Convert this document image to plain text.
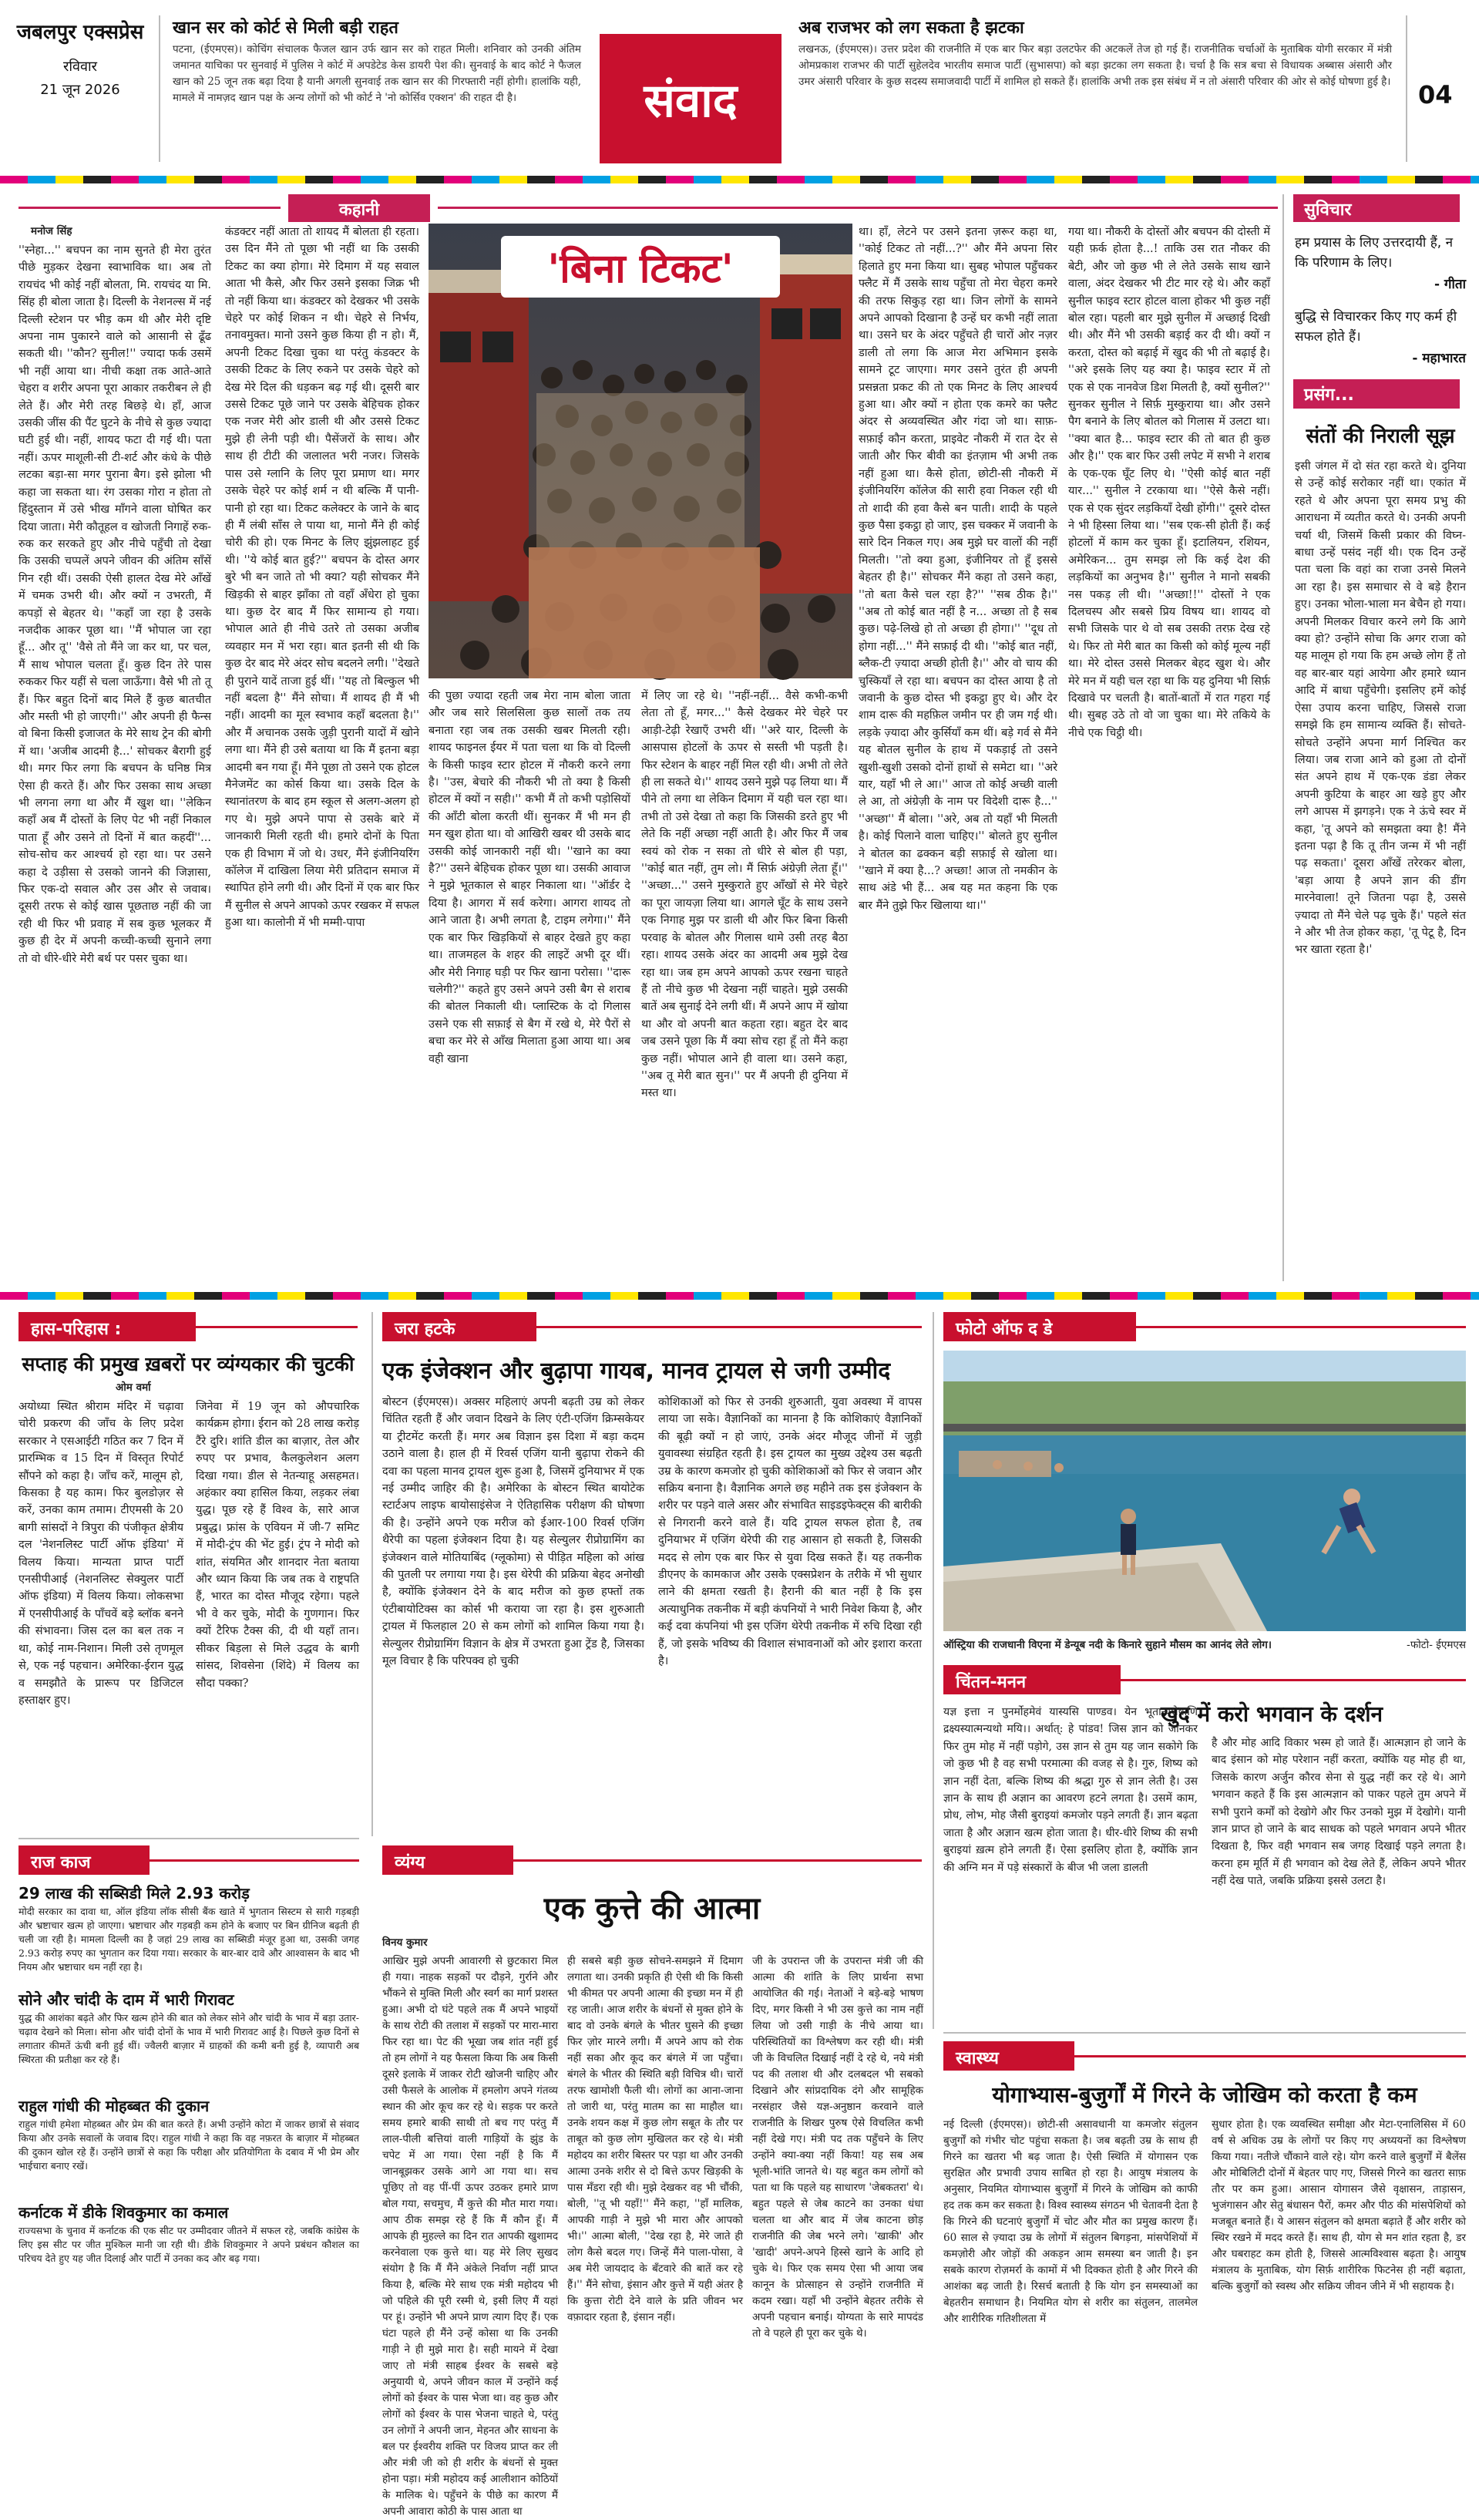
जबलपुर एक्सप्रेस
रविवार
21 जून 2026
खान सर को कोर्ट से मिली बड़ी राहत

पटना, (ईएमएस)। कोचिंग संचालक फैजल खान उर्फ खान सर को राहत मिली। शनिवार को उनकी अंतिम जमानत याचिका पर सुनवाई में पुलिस ने कोर्ट में अपडेटेड केस डायरी पेश की। सुनवाई के बाद कोर्ट ने फैजल खान को 25 जून तक बढ़ा दिया है यानी अगली सुनवाई तक खान सर की गिरफ्तारी नहीं होगी। हालांकि यही, मामले में नामज़द खान पक्ष के अन्य लोगों को भी कोर्ट ने 'नो कोर्सिव एक्शन' की राहत दी है।	संवाद
अब राजभर को लग सकता है झटका

लखनऊ, (ईएमएस)। उत्तर प्रदेश की राजनीति में एक बार फिर बड़ा उलटफेर की अटकलें तेज हो गई हैं। राजनीतिक चर्चाओं के मुताबिक योगी सरकार में मंत्री ओमप्रकाश राजभर की पार्टी सुहेलदेव भारतीय समाज पार्टी (सुभासपा) को बड़ा झटका लग सकता है। चर्चा है कि सत्र बचा से विधायक अब्बास अंसारी और उमर अंसारी परिवार के कुछ सदस्य समाजवादी पार्टी में शामिल हो सकते हैं। हालांकि अभी तक इस संबंध में न तो अंसारी परिवार की ओर से कोई घोषणा हुई है। 04
कहानी
मनोज सिंह
''स्नेहा...'' बचपन का नाम सुनते ही मेरा तुरंत पीछे मुड़कर देखना स्वाभाविक था। अब तो रायचंद भी कोई नहीं बोलता, मि. रायचंद या मि. सिंह ही बोला जाता है। दिल्ली के नेशनल्स में नई दिल्ली स्टेशन पर भीड़ कम थी और मेरी दृष्टि अपना नाम पुकारने वाले को आसानी से ढूँढ सकती थी। ''कौन? सुनील!'' ज्यादा फर्क उसमें भी नहीं आया था। नीची कक्षा तक आते-आते चेहरा व शरीर अपना पूरा आकार तकरीबन ले ही लेते हैं। और मेरी तरह बिछड़े थे। हाँ, आज उसकी जींस की पैंट घुटने के नीचे से कुछ ज्यादा घटी हुई थी। नहीं, शायद फटा दी गई थी। पता नहीं। ऊपर माशूली-सी टी-शर्ट और कंधे के पीछे लटका बड़ा-सा मगर पुराना बैग। इसे झोला भी कहा जा सकता था। रंग उसका गोरा न होता तो हिंदुस्तान में उसे भीख माँगने वाला घोषित कर दिया जाता। मेरी कौतूहल व खोजती निगाहें रुक-रुक कर सरकते हुए और नीचे पहुँची तो देखा कि उसकी चप्पलें अपने जीवन की अंतिम साँसें गिन रही थीं। उसकी ऐसी हालत देख मेरे आँखें में चमक उभरी थी। और क्यों न उभरती, मैं कपड़ों से बेहतर थे। ''कहाँ जा रहा है उसके नजदीक आकर पूछा था। ''मैं भोपाल जा रहा हूँ... और तू'' 'वैसे तो मैंने जा कर था, पर चल, मैं साथ भोपाल चलता हूँ। कुछ दिन तेरे पास रुककर फिर यहीं से चला जाऊँगा। वैसे भी तो तू हैं। फिर बहुत दिनों बाद मिले हैं कुछ बातचीत और मस्ती भी हो जाएगी।'' और अपनी ही फैन्स वो बिना किसी इजाजत के मेरे साथ ट्रेन की बोगी में था। 'अजीब आदमी है...' सोचकर बैरागी हुई थी। मगर फिर लगा कि बचपन के घनिष्ठ मित्र ऐसा ही करते हैं। और फिर उसका साथ अच्छा भी लगना लगा था और मैं खुश था। ''लेकिन कहाँ अब मैं दोस्तों के लिए पेट भी नहीं निकाल पाता हूँ और उसने तो दिनों में बात कहदीं''... सोच-सोच कर आश्चर्य हो रहा था। पर उसने कहा दे उड़ीसा से उसको जानने की जिज्ञासा, फिर एक-दो सवाल और उस और से जवाब। दूसरी तरफ से कोई खास पूछताछ नहीं की जा रही थी फिर भी प्रवाह में सब कुछ भूलकर मैं कुछ ही देर में अपनी कच्ची-कच्ची सुनाने लगा तो वो धीरे-धीरे मेरी बर्थ पर पसर चुका था।
कंडक्टर नहीं आता तो शायद मैं बोलता ही रहता। उस दिन मैंने तो पूछा भी नहीं था कि उसकी टिकट का क्या होगा। मेरे दिमाग में यह सवाल आता भी कैसे, और फिर उसने इसका जिक्र भी तो नहीं किया था। कंडक्टर को देखकर भी उसके चेहरे पर कोई शिकन न थी। चेहरे से निर्भय, तनावमुक्त। मानो उसने कुछ किया ही न हो। मैं, अपनी टिकट दिखा चुका था परंतु कंडक्टर के उसकी टिकट के लिए रुकने पर उसके चेहरे को देख मेरे दिल की धड़कन बढ़ गई थी। दूसरी बार उससे टिकट पूछे जाने पर उसके बेहिचक होकर एक नजर मेरी ओर डाली थी और उससे टिकट मुझे ही लेनी पड़ी थी। पैसेंजरों के साथ। और साथ ही टीटी की जलालत भरी नजर। जिसके पास उसे ग्लानि के लिए पूरा प्रमाण था। मगर उसके चेहरे पर कोई शर्म न थी बल्कि मैं पानी-पानी हो रहा था। टिकट कलेक्टर के जाने के बाद ही मैं लंबी साँस ले पाया था, मानो मैंने ही कोई चोरी की हो। एक मिनट के लिए झुंझलाहट हुई थी। ''ये कोई बात हुई?'' बचपन के दोस्त अगर बुरे भी बन जाते तो भी क्या? यही सोचकर मैंने खिड़की से बाहर झाँका तो वहाँ अँधेरा हो चुका था। कुछ देर बाद मैं फिर सामान्य हो गया। भोपाल आते ही नीचे उतरे तो उसका अजीब व्यवहार मन में भरा रहा। बात इतनी सी थी कि कुछ देर बाद मेरे अंदर सोच बदलने लगी। ''देखते ही पुराने यादें ताजा हुई थीं। ''यह तो बिल्कुल भी नहीं बदला है'' मैंने सोचा। मैं शायद ही मैं भी नहीं। आदमी का मूल स्वभाव कहाँ बदलता है।'' और मैं अचानक उसके जुड़ी पुरानी यादों में खोने लगा था। मैंने ही उसे बताया था कि मैं इतना बड़ा आदमी बन गया हूँ। मैंने पूछा तो उसने एक होटल मैनेजमेंट का कोर्स किया था। उसके दिल के स्थानांतरण के बाद हम स्कूल से अलग-अलग हो गए थे। मुझे अपने पापा से उसके बारे में जानकारी मिली रहती थी। हमारे दोनों के पिता एक ही विभाग में जो थे। उधर, मैंने इंजीनियरिंग कॉलेज में दाखिला लिया मेरी प्रतिदान समाज में स्थापित होने लगी थी। और दिनों में एक बार फिर मैं सुनील से अपने आपको ऊपर रखकर में सफल हुआ था। कालोनी में भी मम्मी-पापा
'बिना टिकट'
की पुछा ज्यादा रहती जब मेरा नाम बोला जाता और जब सारे सिलसिला कुछ सालों तक तय बनाता रहा जब तक उसकी खबर मिलती रही। शायद फाइनल ईयर में पता चला था कि वो दिल्ली के किसी फाइव स्टार होटल में नौकरी करने लगा है। ''उस, बेचारे की नौकरी भी तो क्या है किसी होटल में क्यों न सही।'' कभी मैं तो कभी पड़ोसियों की आँटी बोला करती थीं। सुनकर मैं भी मन ही मन खुश होता था। वो आखिरी खबर थी उसके बाद उसकी कोई जानकारी नहीं थी। ''खाने का क्या है?'' उसने बेहिचक होकर पूछा था। उसकी आवाज ने मुझे भूतकाल से बाहर निकाला था। ''ऑर्डर दे दिया है। आगरा में सर्व करेगा। आगरा शायद तो आने जाता है। अभी लगता है, टाइम लगेगा।'' मैंने एक बार फिर खिड़कियों से बाहर देखते हुए कहा था। ताजमहल के शहर की लाइटें अभी दूर थीं। और मेरी निगाह घड़ी पर फिर खाना परोसा। ''दारू चलेगी?'' कहते हुए उसने अपने उसी बैग से शराब की बोतल निकाली थी। प्लास्टिक के दो गिलास उसने एक सी सफ़ाई से बैग में रखे थे, मेरे पैरों से बचा कर मेरे से आँख मिलाता हुआ आया था। अब वही खाना
में लिए जा रहे थे। ''नहीं-नहीं... वैसे कभी-कभी लेता तो हूँ, मगर...'' कैसे देखकर मेरे चेहरे पर आड़ी-टेढ़ी रेखाएँ उभरी थीं। ''अरे यार, दिल्ली के आसपास होटलों के ऊपर से सस्ती भी पड़ती है। फिर स्टेशन के बाहर नहीं मिल रही थी। अभी तो लेते ही ला सकते थे।'' शायद उसने मुझे पढ़ लिया था। मैं पीने तो लगा था लेकिन दिमाग में यही चल रहा था। तभी तो उसे देखा तो कहा कि जिसकी डरते हुए भी लेते कि नहीं अच्छा नहीं आती है। और फिर मैं जब स्वयं को रोक न सका तो धीरे से बोल ही पड़ा, ''कोई बात नहीं, तुम लो। मैं सिर्फ़ अंग्रेज़ी लेता हूँ।'' ''अच्छा...'' उसने मुस्कुराते हुए आँखों से मेरे चेहरे का पूरा जायज़ा लिया था। आगले घूँट के साथ उसने एक निगाह मुझ पर डाली थी और फिर बिना किसी परवाह के बोतल और गिलास थामे उसी तरह बैठा रहा। शायद उसके अंदर का आदमी अब मुझे देख रहा था। जब हम अपने आपको ऊपर रखना चाहते हैं तो नीचे कुछ भी देखना नहीं चाहते। मुझे उसकी बातें अब सुनाई देने लगी थीं। मैं अपने आप में खोया था और वो अपनी बात कहता रहा। बहुत देर बाद जब उसने पूछा कि मैं क्या सोच रहा हूँ तो मैंने कहा कुछ नहीं। भोपाल आने ही वाला था। उसने कहा, ''अब तू मेरी बात सुन।'' पर मैं अपनी ही दुनिया में मस्त था।
था। हाँ, लेटने पर उसने इतना ज़रूर कहा था, ''कोई टिकट तो नहीं...?'' और मैंने अपना सिर हिलाते हुए मना किया था। सुबह भोपाल पहुँचकर फ्लैट में मैं उसके साथ पहुँचा तो मेरा चेहरा कमरे की तरफ सिकुड़ रहा था। जिन लोगों के सामने अपने आपको दिखाना है उन्हें घर कभी नहीं लाता था। उसने घर के अंदर पहुँचते ही चारों ओर नज़र डाली तो लगा कि आज मेरा अभिमान इसके सामने टूट जाएगा। मगर उसने तुरंत ही अपनी प्रसन्नता प्रकट की तो एक मिनट के लिए आश्चर्य हुआ था। और क्यों न होता एक कमरे का फ्लैट अंदर से अव्यवस्थित और गंदा जो था। साफ़-सफ़ाई कौन करता, प्राइवेट नौकरी में रात देर से जाती और फिर बीवी का इंतज़ाम भी अभी तक नहीं हुआ था। कैसे होता, छोटी-सी नौकरी में इंजीनियरिंग कॉलेज की सारी हवा निकल रही थी तो शादी की हवा कैसे बन पाती। शादी के पहले कुछ पैसा इकट्ठा हो जाए, इस चक्कर में जवानी के सारे दिन निकल गए। अब मुझे घर वालों की नहीं मिलती। ''तो क्या हुआ, इंजीनियर तो हूँ इससे बेहतर ही है।'' सोचकर मैंने कहा तो उसने कहा, ''तो बता कैसे चल रहा है?'' ''सब ठीक है।'' ''अब तो कोई बात नहीं है न... अच्छा तो है सब कुछ। पढ़े-लिखे हो तो अच्छा ही होगा।'' ''दूध तो होगा नहीं...'' मैंने सफ़ाई दी थी। ''कोई बात नहीं, ब्लैक-टी ज़्यादा अच्छी होती है।'' और वो चाय की चुस्कियाँ ले रहा था। बचपन का दोस्त आया है तो जवानी के कुछ दोस्त भी इकट्ठा हुए थे। और देर शाम दारू की महफ़िल जमीन पर ही जम गई थी। लड़के ज़्यादा और कुर्सियाँ कम थीं। बड़े गर्व से मैंने यह बोतल सुनील के हाथ में पकड़ाई तो उसने खुशी-खुशी उसको दोनों हाथों से समेटा था। ''अरे यार, यहाँ भी ले आ।'' आज तो कोई अच्छी वाली ले आ, तो अंग्रेज़ी के नाम पर विदेशी दारू है...'' ''अच्छा'' मैं बोला। ''अरे, अब तो यहाँ भी मिलती है। कोई पिलाने वाला चाहिए।'' बोलते हुए सुनील ने बोतल का ढक्कन बड़ी सफ़ाई से खोला था। ''खाने में क्या है...? अच्छा! आज तो नमकीन के साथ अंडे भी हैं... अब यह मत कहना कि एक बार मैंने तुझे फिर खिलाया था।''
गया था। नौकरी के दोस्तों और बचपन की दोस्ती में यही फ़र्क होता है...! ताकि उस रात नौकर की बेटी, और जो कुछ भी ले लेते उसके साथ खाने वाला, अंदर देखकर भी टीट मार रहे थे। और कहाँ सुनील फाइव स्टार होटल वाला होकर भी कुछ नहीं बोल रहा। पहली बार मुझे सुनील में अच्छाई दिखी थी। और मैंने भी उसकी बड़ाई कर दी थी। क्यों न करता, दोस्त को बढ़ाई में खुद की भी तो बढ़ाई है। ''अरे इसके लिए यह क्या है। फाइव स्टार में तो एक से एक नानवेज डिश मिलती है, क्यों सुनील?'' सुनकर सुनील ने सिर्फ़ मुस्कुराया था। और उसने पैग बनाने के लिए बोतल को गिलास में उलटा था। ''क्या बात है... फाइव स्टार की तो बात ही कुछ और है।'' एक बार फिर उसी लपेट में सभी ने शराब के एक-एक घूँट लिए थे। ''ऐसी कोई बात नहीं यार...'' सुनील ने टरकाया था। ''ऐसे कैसे नहीं। एक से एक सुंदर लड़कियाँ देखी होंगी।'' दूसरे दोस्त ने भी हिस्सा लिया था। ''सब एक-सी होती हैं। कई होटलों में काम कर चुका हूँ। इटालियन, रशियन, अमेरिकन... तुम समझ लो कि कई देश की लड़कियों का अनुभव है।'' सुनील ने मानो सबकी नस पकड़ ली थी। ''अच्छा!!'' दोस्तों ने एक दिलचस्प और सबसे प्रिय विषय था। शायद वो सभी जिसके पार थे वो सब उसकी तरफ़ देख रहे थे। फिर तो मेरी बात का किसी को कोई मूल्य नहीं था। मेरे दोस्त उससे मिलकर बेहद खुश थे। और मेरे मन में यही चल रहा था कि यह दुनिया भी सिर्फ़ दिखावे पर चलती है। बातों-बातों में रात गहरा गई थी। सुबह उठे तो वो जा चुका था। मेरे तकिये के नीचे एक चिट्ठी थी।
सुविचार
हम प्रयास के लिए उत्तरदायी हैं, न कि परिणाम के लिए।
- गीता
बुद्धि से विचारकर किए गए कर्म ही सफल होते हैं।
- महाभारत
प्रसंग...
संतों की निराली सूझ
इसी जंगल में दो संत रहा करते थे। दुनिया से उन्हें कोई सरोकार नहीं था। एकांत में रहते थे और अपना पूरा समय प्रभु की आराधना में व्यतीत करते थे। उनकी अपनी चर्या थी, जिसमें किसी प्रकार की विघ्न-बाधा उन्हें पसंद नहीं थी। एक दिन उन्हें पता चला कि वहां का राजा उनसे मिलने आ रहा है। इस समाचार से वे बड़े हैरान हुए। उनका भोला-भाला मन बेचैन हो गया। अपनी मिलकर विचार करने लगे कि आगे क्या हो? उन्होंने सोचा कि अगर राजा को यह मालूम हो गया कि हम अच्छे लोग हैं तो वह बार-बार यहां आयेगा और हमारे ध्यान आदि में बाधा पहुँचेगी। इसलिए हमें कोई ऐसा उपाय करना चाहिए, जिससे राजा समझे कि हम सामान्य व्यक्ति हैं। सोचते-सोचते उन्होंने अपना मार्ग निश्चित कर लिया। जब राजा आने को हुआ तो दोनों संत अपने हाथ में एक-एक डंडा लेकर अपनी कुटिया के बाहर आ खड़े हुए और लगे आपस में झगड़ने। एक ने ऊंचे स्वर में कहा, 'तू अपने को समझता क्या है! मैंने इतना पढ़ा है कि तू तीन जन्म में भी नहीं पढ़ सकता।' दूसरा आँखें तरेरकर बोला, 'बड़ा आया है अपने ज्ञान की डींग मारनेवाला! तूने जितना पढ़ा है, उससे ज़्यादा तो मैंने चेले पढ़ चुके हैं।' पहले संत ने और भी तेज होकर कहा, 'तू पेटू है, दिन भर खाता रहता है।'
हास-परिहास :
सप्ताह की प्रमुख ख़बरों पर व्यंग्यकार की चुटकी
ओम वर्मा
अयोध्या स्थित श्रीराम मंदिर में चढ़ावा चोरी प्रकरण की जाँच के लिए प्रदेश सरकार ने एसआईटी गठित कर 7 दिन में प्रारम्भिक व 15 दिन में विस्तृत रिपोर्ट सौंपने को कहा है। जाँच करें, मालूम हो, किसका है यह काम। फिर बुलडोज़र से करें, उनका काम तमाम। टीएमसी के 20 बागी सांसदों ने त्रिपुरा की पंजीकृत क्षेत्रीय दल 'नेशनलिस्ट पार्टी ऑफ इंडिया' में विलय किया। मान्यता प्राप्त पार्टी एनसीपीआई (नेशनलिस्ट सेक्युलर पार्टी ऑफ इंडिया) में विलय किया। लोकसभा में एनसीपीआई के पाँचवें बड़े ब्लॉक बनने की संभावना। जिस दल का बल तक न था, कोई नाम-निशान। मिली उसे तृणमूल से, एक नई पहचान। अमेरिका-ईरान युद्ध व समझौते के प्रारूप पर डिजिटल हस्ताक्षर हुए।
जिनेवा में 19 जून को औपचारिक कार्यक्रम होगा। ईरान को 28 लाख करोड़ टैंरे दुरि। शांति डील का बाज़ार, तेल और रुपए पर प्रभाव, कैलकुलेशन अलग दिखा गया। डील से नेतन्याहू असहमत। अहंकार क्या हासिल किया, लड़कर लंबा युद्ध। पूछ रहे हैं विश्व के, सारे आज प्रबुद्ध। फ्रांस के एवियन में जी-7 समिट में मोदी-ट्रंप की भेंट हुई। ट्रंप ने मोदी को शांत, संयमित और शानदार नेता बताया और ध्यान किया कि जब तक वे राष्ट्रपति हैं, भारत का दोस्त मौजूद रहेगा। पहले भी वे कर चुके, मोदी के गुणगान। फिर क्यों टैरिफ टैक्स की, दी थी यहाँ तान। सीकर बिड़ला से मिले उद्धव के बागी सांसद, शिवसेना (शिंदे) में विलय का सौदा पक्का?
जरा हटके
एक इंजेक्शन और बुढ़ापा गायब, मानव ट्रायल से जगी उम्मीद
बोस्टन (ईएमएस)। अक्सर महिलाएं अपनी बढ़ती उम्र को लेकर चिंतित रहती हैं और जवान दिखने के लिए एंटी-एजिंग क्रिम्सकेयर या ट्रीटमेंट करती हैं। मगर अब विज्ञान इस दिशा में बड़ा कदम उठाने वाला है। हाल ही में रिवर्स एजिंग यानी बुढ़ापा रोकने की दवा का पहला मानव ट्रायल शुरू हुआ है, जिसमें दुनियाभर में एक नई उम्मीद जाहिर की है। अमेरिका के बोस्टन स्थित बायोटेक स्टार्टअप लाइफ बायोसाइंसेज ने ऐतिहासिक परीक्षण की घोषणा की है। उन्होंने अपने एक मरीज को ईआर-100 रिवर्स एजिंग थैरेपी का पहला इंजेक्शन दिया है। यह सेल्युलर रीप्रोग्रामिंग का इंजेक्शन वाले मोतियाबिंद (ग्लूकोमा) से पीड़ित महिला को आंख की पुतली पर लगाया गया है। इस थेरेपी की प्रक्रिया बेहद अनोखी है, क्योंकि इंजेक्शन देने के बाद मरीज को कुछ हफ्तों तक एंटीबायोटिक्स का कोर्स भी कराया जा रहा है। इस शुरुआती ट्रायल में फिलहाल 20 से कम लोगों को शामिल किया गया है। सेल्युलर रीप्रोग्रामिंग विज्ञान के क्षेत्र में उभरता हुआ ट्रेंड है, जिसका मूल विचार है कि परिपक्व हो चुकी
कोशिकाओं को फिर से उनकी शुरुआती, युवा अवस्था में वापस लाया जा सके। वैज्ञानिकों का मानना है कि कोशिकाएं वैज्ञानिकों की बूढ़ी क्यों न हो जाएं, उनके अंदर मौजूद जीनों में जुड़ी युवावस्था संग्रहित रहती है। इस ट्रायल का मुख्य उद्देश्य उस बढ़ती उम्र के कारण कमजोर हो चुकी कोशिकाओं को फिर से जवान और सक्रिय बनाना है। वैज्ञानिक अगले छह महीने तक इस इंजेक्शन के शरीर पर पड़ने वाले असर और संभावित साइडइफेक्ट्स की बारीकी से निगरानी करने वाले हैं। यदि ट्रायल सफल होता है, तब दुनियाभर में एजिंग थेरेपी की राह आसान हो सकती है, जिसकी मदद से लोग एक बार फिर से युवा दिख सकते हैं। यह तकनीक डीएनए के कामकाज और उसके एक्सप्रेशन के तरीके में भी सुधार लाने की क्षमता रखती है। हैरानी की बात नहीं है कि इस अत्याधुनिक तकनीक में बड़ी कंपनियों ने भारी निवेश किया है, और कई दवा कंपनियां भी इस एजिंग थेरेपी तकनीक में रुचि दिखा रही हैं, जो इसके भविष्य की विशाल संभावनाओं को ओर इशारा करता है।
फोटो ऑफ द डे
ऑस्ट्रिया की राजधानी विएना में डेन्यूब नदी के किनारे सुहाने मौसम का आनंद लेते लोग।	-फोटो- ईएमएस
चिंतन-मनन
खुद में करो भगवान के दर्शन
यज्ञ इत्ता न पुनर्मोहमेवं यास्यसि पाण्डव। येन भूतान्यशेषाणि द्रक्ष्यस्यात्मन्यथो मयि।। अर्थात्: हे पांडव! जिस ज्ञान को जानकर फिर तुम मोह में नहीं पड़ोगे, उस ज्ञान से तुम यह जान सकोगे कि जो कुछ भी है वह सभी परमात्मा की वजह से है। गुरु, शिष्य को ज्ञान नहीं देता, बल्कि शिष्य की श्रद्धा गुरु से ज्ञान लेती है। उस ज्ञान के साथ ही अज्ञान का आवरण हटने लगता है। उसमें काम, प्रोध, लोभ, मोह जैसी बुराइयां कमजोर पड़ने लगती हैं। ज्ञान बढ़ता जाता है और अज्ञान खत्म होता जाता है। धीर-धीरे शिष्य की सभी बुराइयां ख़त्म होने लगती हैं। ऐसा इसलिए होता है, क्योंकि ज्ञान की अग्नि मन में पड़े संस्कारों के बीज भी जला डालती
है और मोह आदि विकार भस्म हो जाते हैं। आत्मज्ञान हो जाने के बाद इंसान को मोह परेशान नहीं करता, क्योंकि यह मोह ही था, जिसके कारण अर्जुन कौरव सेना से युद्ध नहीं कर रहे थे। आगे भगवान कहते हैं कि इस आत्मज्ञान को पाकर पहले तुम अपने में सभी पुराने कर्मों को देखोगे और फिर उनको मुझ में देखोगे। यानी ज्ञान प्राप्त हो जाने के बाद साधक को पहले भगवान अपने भीतर दिखता है, फिर वही भगवान सब जगह दिखाई पड़ने लगता है। करना हम मूर्ति में ही भगवान को देख लेते हैं, लेकिन अपने भीतर नहीं देख पाते, जबकि प्रक्रिया इससे उलटा है।
व्यंग्य
एक कुत्ते की आत्मा
विनय कुमार
आखिर मुझे अपनी आवारगी से छुटकारा मिल ही गया। नाहक सड़कों पर दौड़ने, गुर्राने और भौंकने से मुक्ति मिली और स्वर्ग का मार्ग प्रशस्त हुआ। अभी दो घंटे पहले तक मैं अपने भाइयों के साथ रोटी की तलाश में सड़कों पर मारा-मारा फिर रहा था। पेट की भूखा जब शांत नहीं हुई तो हम लोगों ने यह फैसला किया कि अब किसी दूसरे इलाके में जाकर रोटी खोजनी चाहिए और उसी फैसले के आलोक में हमलोग अपने गंतव्य स्थान की ओर कूच कर रहे थे। सड़क पर करते समय हमारे बाकी साथी तो बच गए परंतु मैं लाल-पीली बत्तियां वाली गाड़ियों के झुंड के चपेट में आ गया। ऐसा नहीं है कि मैं जानबूझकर उसके आगे आ गया था। सच पूछिए तो वह पीं-पीं ऊपर उठकर हमारे प्राण बोल गया, सचमुच, मैं कुत्ते की मौत मारा गया। आप ठीक समझ रहे हैं कि मैं कौन हूँ। मैं आपके ही मुहल्ले का दिन रात आपकी खुशामद करनेवाला एक कुत्ते था। यह मेरे लिए सुखद संयोग है कि मैं मैंने अंकेले निर्वाण नहीं प्राप्त किया है, बल्कि मेरे साथ एक मंत्री महोदय भी जो पहिले की पूरी रस्मी थे, इसी लिए मैं यहां पर हूं। उन्होंने भी अपने प्राण त्याग दिए हैं। एक घंटा पहले ही मैंने उन्हें कोसा था कि उनकी गाड़ी ने ही मुझे मारा है। सही मायने में देखा जाए तो मंत्री साहब ईश्वर के सबसे बड़े अनुयायी थे, अपने जीवन काल में उन्होंने कई लोगों को ईश्वर के पास भेजा था। वह कुछ और लोगों को ईश्वर के पास भेजना चाहते थे, परंतु उन लोगों ने अपनी जान, मेहनत और साधना के बल पर ईश्वरीय शक्ति पर विजय प्राप्त कर ली और मंत्री जी को ही शरीर के बंधनों से मुक्त होना पड़ा। मंत्री महोदय कई आलीशान कोठियों के मालिक थे। पहुँचने के पीछे का कारण मैं अपनी आवारा कोठी के पास आता था
ही सबसे बड़ी कुछ सोचने-समझने में दिमाग लगाता था। उनकी प्रकृति ही ऐसी थी कि किसी भी कीमत पर अपनी आत्मा की इच्छा मन में ही रह जाती। आज शरीर के बंधनों से मुक्त होने के बाद वो उनके बंगले के भीतर घुसने की इच्छा फिर ज़ोर मारने लगी। मैं अपने आप को रोक नहीं सका और कूद कर बंगले में जा पहुँचा। बंगले के भीतर की स्थिति बड़ी विचित्र थी। चारों तरफ खामोशी फैली थी। लोगों का आना-जाना तो जारी था, परंतु मातम का सा माहौल था। उनके शयन कक्ष में कुछ लोग सबूत के तौर पर ताबूत को कुछ लोग मुखिलत कर रहे थे। मंत्री महोदय का शरीर बिस्तर पर पड़ा था और उनकी आत्मा उनके शरीर से दो बित्ते ऊपर खिड़की के पास मँडरा रही थी। मुझे देखकर वह भी चौंकी, बोली, ''तू भी यहाँ!'' मैंने कहा, ''हाँ मालिक, आपकी गाड़ी ने मुझे भी मारा और आपको भी।'' आत्मा बोली, ''देख रहा है, मेरे जाते ही लोग कैसे बदल गए। जिन्हें मैंने पाला-पोसा, वे अब मेरी जायदाद के बँटवारे की बातें कर रहे हैं।'' मैंने सोचा, इंसान और कुत्ते में यही अंतर है कि कुत्ता रोटी देने वाले के प्रति जीवन भर वफ़ादार रहता है, इंसान नहीं।
जी के उपरान्त जी के उपरान्त मंत्री जी की आत्मा की शांति के लिए प्रार्थना सभा आयोजित की गई। नेताओं ने बड़े-बड़े भाषण दिए, मगर किसी ने भी उस कुत्ते का नाम नहीं लिया जो उसी गाड़ी के नीचे आया था। परिस्थितियों का विश्लेषण कर रही थी। मंत्री जी के विचलित दिखाई नहीं दे रहे थे, नये मंत्री पद की तलाश थी और दलबदल भी सबको दिखाने और सांप्रदायिक दंगे और सामूहिक नरसंहार जैसे यज्ञ-अनुष्ठान करवाने वाले राजनीति के शिखर पुरुष ऐसे विचलित कभी नहीं देखे गए। मंत्री पद तक पहुँचने के लिए उन्होंने क्या-क्या नहीं किया! यह सब अब भूली-भांति जानते थे। यह बहुत कम लोगों को पता था कि पहले यह साधारण 'जेबकतरा' थे। बहुत पहले से जेब काटने का उनका धंधा चलता था और बाद में जेब काटना छोड़ राजनीति की जेब भरने लगे। 'खाकी' और 'खादी' अपने-अपने हिस्से खाने के आदि हो चुके थे। फिर एक समय ऐसा भी आया जब कानून के प्रोत्साहन से उन्होंने राजनीति में कदम रखा। यहाँ भी उन्होंने बेहतर तरीके से अपनी पहचान बनाई। योग्यता के सारे मापदंड तो वे पहले ही पूरा कर चुके थे।
राज काज
29 लाख की सब्सिडी मिले 2.93 करोड़
मोदी सरकार का दावा था, ऑल इंडिया लॉक सीसी बैंक खाते में भुगतान सिस्टम से सारी गड़बड़ी और भ्रष्टाचार खत्म हो जाएगा। भ्रष्टाचार और गड़बड़ी कम होने के बजाए पर बिन ग्रीनिज बढ़ती ही चली जा रही है। मामला दिल्ली का है जहां 29 लाख का सब्सिडी मंजूर हुआ था, उसकी जगह 2.93 करोड़ रुपए का भुगतान कर दिया गया। सरकार के बार-बार दावे और आश्वासन के बाद भी नियम और भ्रष्टाचार थम नहीं रहा है।
सोने और चांदी के दाम में भारी गिरावट
युद्ध की आशंका बढ़ते और फिर खत्म होने की बात को लेकर सोने और चांदी के भाव में बड़ा उतार-चढ़ाव देखने को मिला। सोना और चांदी दोनों के भाव में भारी गिरावट आई है। पिछले कुछ दिनों से लगातार कीमतें ऊंची बनी हुई थीं। ज्वैलरी बाज़ार में ग्राहकों की कमी बनी हुई है, व्यापारी अब स्थिरता की प्रतीक्षा कर रहे हैं।
राहुल गांधी की मोहब्बत की दुकान
राहुल गांधी हमेशा मोहब्बत और प्रेम की बात करते हैं। अभी उन्होंने कोटा में जाकर छात्रों से संवाद किया और उनके सवालों के जवाब दिए। राहुल गांधी ने कहा कि वह नफ़रत के बाज़ार में मोहब्बत की दुकान खोल रहे हैं। उन्होंने छात्रों से कहा कि परीक्षा और प्रतियोगिता के दबाव में भी प्रेम और भाईचारा बनाए रखें।
कर्नाटक में डीके शिवकुमार का कमाल
राज्यसभा के चुनाव में कर्नाटक की एक सीट पर उम्मीदवार जीतने में सफल रहे, जबकि कांग्रेस के लिए इस सीट पर जीत मुश्किल मानी जा रही थी। डीके शिवकुमार ने अपने प्रबंधन कौशल का परिचय देते हुए यह जीत दिलाई और पार्टी में उनका कद और बढ़ गया।
स्वास्थ्य
योगाभ्यास-बुजुर्गों में गिरने के जोखिम को करता है कम
नई दिल्ली (ईएमएस)। छोटी-सी असावधानी या कमजोर संतुलन बुजुर्गों को गंभीर चोट पहुंचा सकता है। जब बढ़ती उम्र के साथ ही गिरने का खतरा भी बढ़ जाता है। ऐसी स्थिति में योगासन एक सुरक्षित और प्रभावी उपाय साबित हो रहा है। आयुष मंत्रालय के अनुसार, नियमित योगाभ्यास बुजुर्गों में गिरने के जोखिम को काफी हद तक कम कर सकता है। विश्व स्वास्थ्य संगठन भी चेतावनी देता है कि गिरने की घटनाएं बुजुर्गों में चोट और मौत का प्रमुख कारण हैं। 60 साल से ज़्यादा उम्र के लोगों में संतुलन बिगड़ना, मांसपेशियों में कमज़ोरी और जोड़ों की अकड़न आम समस्या बन जाती है। इन सबके कारण रोज़मर्रा के कामों में भी दिक्कत होती है और गिरने की आशंका बढ़ जाती है। रिसर्च बताती है कि योग इन समस्याओं का बेहतरीन समाधान है। नियमित योग से शरीर का संतुलन, तालमेल और शारीरिक गतिशीलता में
सुधार होता है। एक व्यवस्थित समीक्षा और मेटा-एनालिसिस में 60 वर्ष से अधिक उम्र के लोगों पर किए गए अध्ययनों का विश्लेषण किया गया। नतीजे चौंकाने वाले रहे। योग करने वाले बुजुर्गों में बैलेंस और मोबिलिटी दोनों में बेहतर पाए गए, जिससे गिरने का खतरा साफ़ तौर पर कम हुआ। आसान योगासन जैसे वृक्षासन, ताड़ासन, भुजंगासन और सेतु बंधासन पैरों, कमर और पीठ की मांसपेशियों को मजबूत बनाते हैं। ये आसन संतुलन को क्षमता बढ़ाते हैं और शरीर को स्थिर रखने में मदद करते हैं। साथ ही, योग से मन शांत रहता है, डर और घबराहट कम होती है, जिससे आत्मविश्वास बढ़ता है। आयुष मंत्रालय के मुताबिक, योग सिर्फ़ शारीरिक फिटनेस ही नहीं बढ़ाता, बल्कि बुजुर्गों को स्वस्थ और सक्रिय जीवन जीने में भी सहायक है।
